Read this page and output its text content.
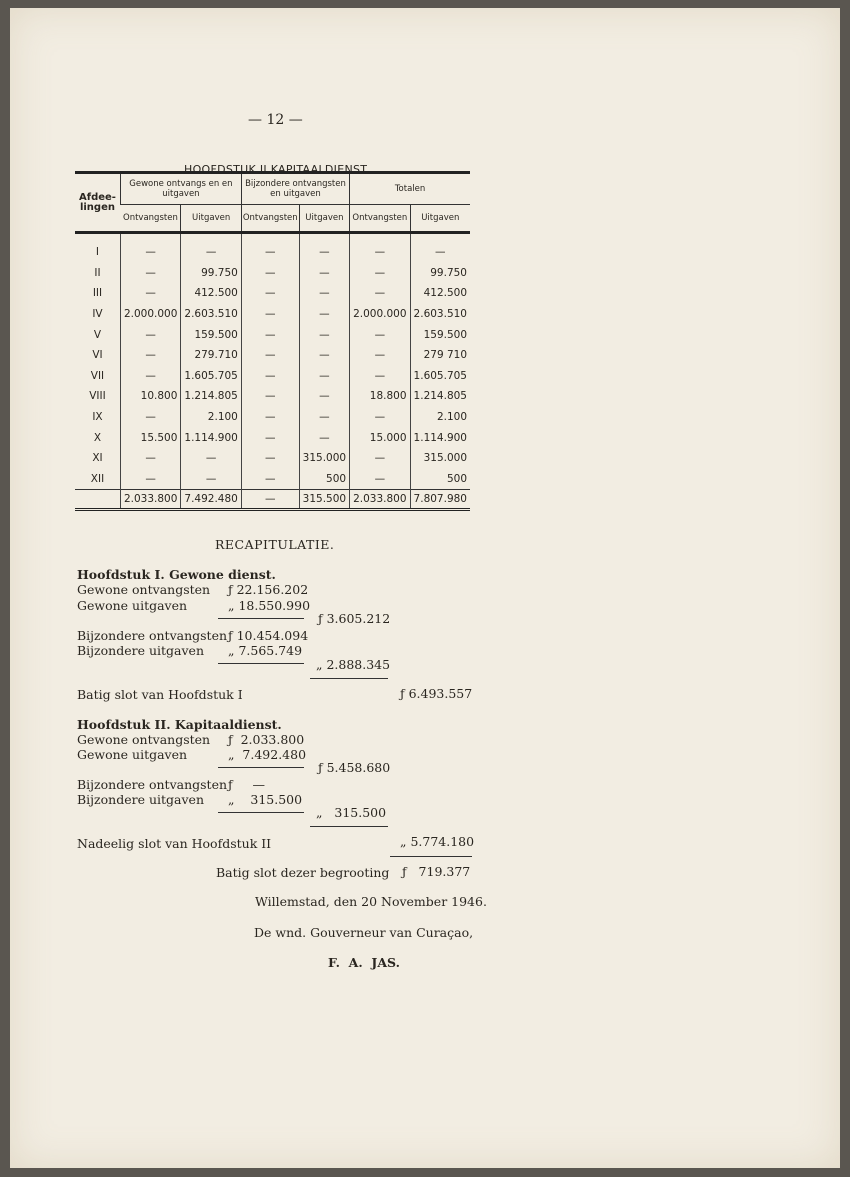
— 12 —
HOOFDSTUK II KAPITAALDIENST
Afdee-
lingen	Gewone ontvangs en en uitgaven		Bijzondere ontvangsten en uitgaven		Totalen	
	Ontvangsten	Uitgaven	Ontvangsten	Uitgaven	Ontvangsten	Uitgaven

I	—	—	—	—	—	—
II	—	99.750	—	—	—	99.750
III	—	412.500	—	—	—	412.500
IV	2.000.000	2.603.510	—	—	2.000.000	2.603.510
V	—	159.500	—	—	—	159.500
VI	—	279.710	—	—	—	279 710
VII	—	1.605.705	—	—	—	1.605.705
VIII	10.800	1.214.805	—	—	18.800	1.214.805
IX	—	2.100	—	—	—	2.100
X	15.500	1.114.900	—	—	15.000	1.114.900
XI	—	—	—	315.000	—	315.000
XII	—	—	—	500	—	500
	2.033.800	7.492.480	—	315.500	2.033.800	7.807.980
RECAPITULATIE.
Hoofdstuk I. Gewone dienst.
Gewone ontvangsten ƒ 22.156.202
Gewone uitgaven	„ 18.550.990
ƒ 3.605.212
Bijzondere ontvangsten ƒ 10.454.094
Bijzondere uitgaven „ 7.565.749
„ 2.888.345
Batig slot van Hoofdstuk I	ƒ 6.493.557
Hoofdstuk II. Kapitaaldienst.
Gewone ontvangsten ƒ  2.033.800
Gewone uitgaven	„  7.492.480
ƒ 5.458.680
Bijzondere ontvangsten ƒ     —
Bijzondere uitgaven „    315.500
„   315.500
Nadeelig slot van Hoofdstuk II	„ 5.774.180
Batig slot dezer begrooting ƒ   719.377
Willemstad, den 20 November 1946.
De wnd. Gouverneur van Curaçao,
F.  A.  JAS.
